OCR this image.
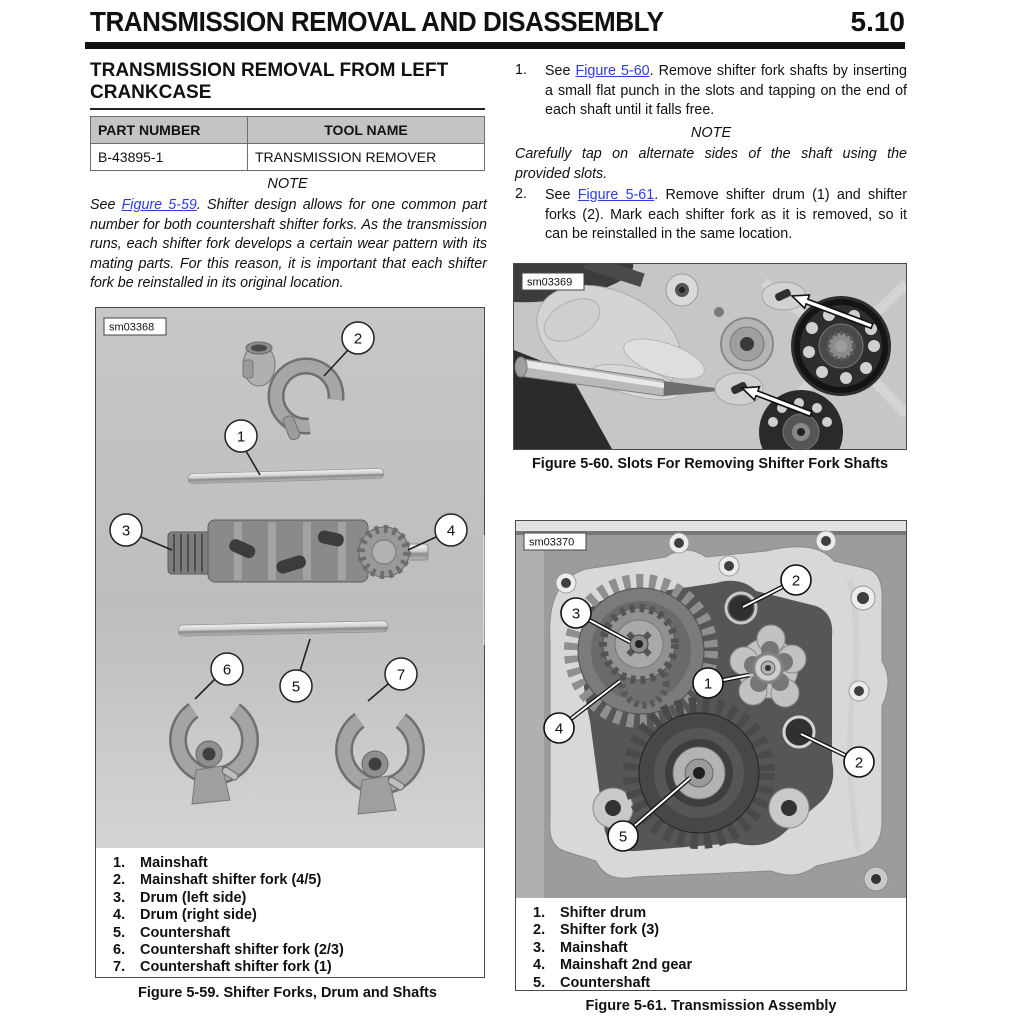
TRANSMISSION REMOVAL AND DISASSEMBLY	5.10
TRANSMISSION REMOVAL FROM LEFT CRANKCASE
PART NUMBER	TOOL NAME
B-43895-1	TRANSMISSION REMOVER
NOTE

See Figure 5-59. Shifter design allows for one common part number for both countershaft shifter forks. As the transmission runs, each shifter fork develops a certain wear pattern with its mating parts. For this reason, it is important that each shifter fork be reinstalled in its original location.

1
2
3	4
5
6	7
sm03368
1.	Mainshaft
2.	Mainshaft shifter fork (4/5)
3.	Drum (left side)
4.	Drum (right side)
5.	Countershaft
6.	Countershaft shifter fork (2/3)
7.	Countershaft shifter fork (1)
Figure 5-59. Shifter Forks, Drum and Shafts
1. See Figure 5-60. Remove shifter fork shafts by inserting a small flat punch in the slots and tapping on the end of each shaft until it falls free.

NOTE

Carefully tap on alternate sides of the shaft using the provided slots.

2. See Figure 5-61. Remove shifter drum (1) and shifter forks (2). Mark each shifter fork as it is removed, so it can be reinstalled in the same location.

sm03369
Figure 5-60. Slots For Removing Shifter Fork Shafts
3
2
1
4
2
5
sm03370
1.	Shifter drum
2.	Shifter fork (3)
3.	Mainshaft
4.	Mainshaft 2nd gear
5.	Countershaft
Figure 5-61. Transmission Assembly
I
C
R
L
